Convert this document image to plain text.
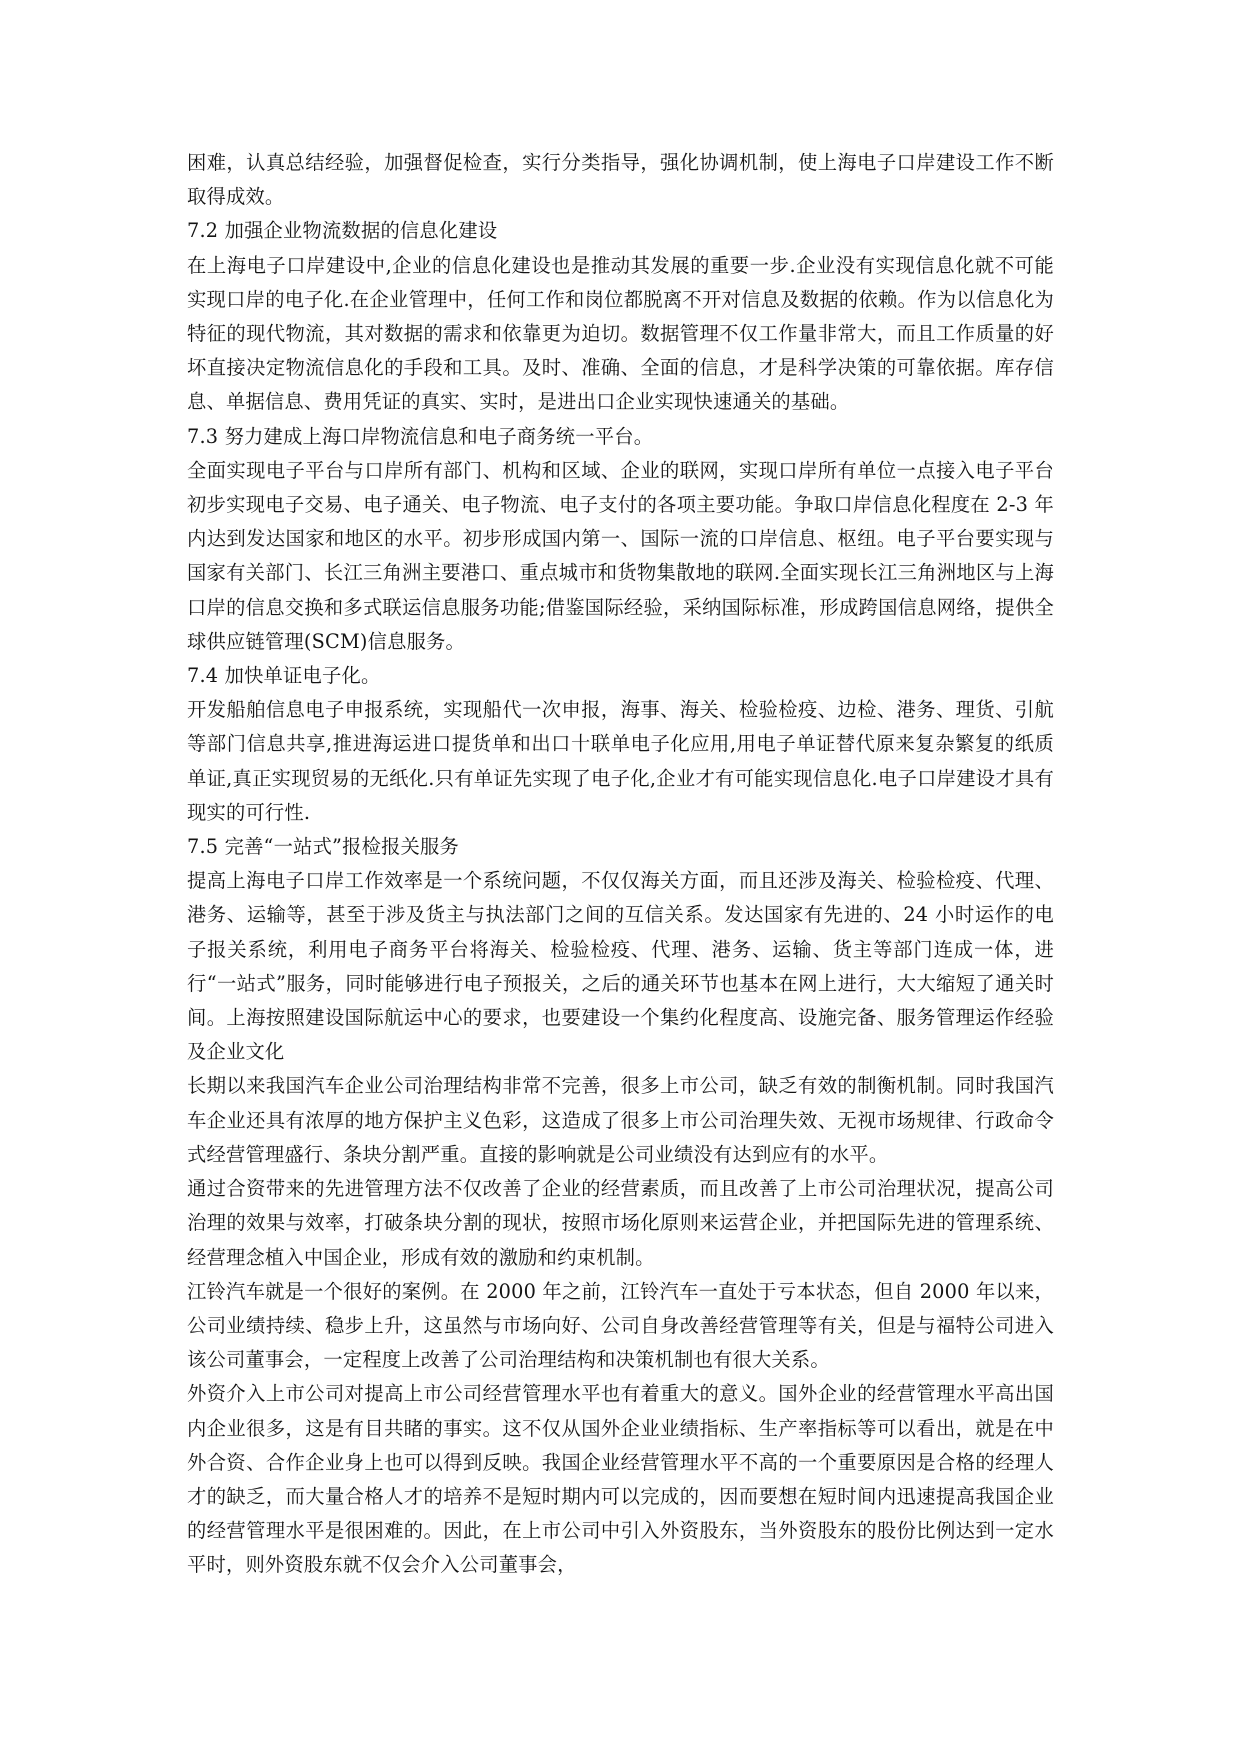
困难，认真总结经验，加强督促检查，实行分类指导，强化协调机制，使上海电子口岸建设工作不断取得成效。

7.2 加强企业物流数据的信息化建设

在上海电子口岸建设中,企业的信息化建设也是推动其发展的重要一步.企业没有实现信息化就不可能实现口岸的电子化.在企业管理中，任何工作和岗位都脱离不开对信息及数据的依赖。作为以信息化为特征的现代物流，其对数据的需求和依靠更为迫切。数据管理不仅工作量非常大，而且工作质量的好坏直接决定物流信息化的手段和工具。及时、准确、全面的信息，才是科学决策的可靠依据。库存信息、单据信息、费用凭证的真实、实时，是进出口企业实现快速通关的基础。

7.3 努力建成上海口岸物流信息和电子商务统一平台。

全面实现电子平台与口岸所有部门、机构和区域、企业的联网，实现口岸所有单位一点接入电子平台初步实现电子交易、电子通关、电子物流、电子支付的各项主要功能。争取口岸信息化程度在 2-3 年内达到发达国家和地区的水平。初步形成国内第一、国际一流的口岸信息、枢纽。电子平台要实现与国家有关部门、长江三角洲主要港口、重点城市和货物集散地的联网.全面实现长江三角洲地区与上海口岸的信息交换和多式联运信息服务功能;借鉴国际经验，采纳国际标准，形成跨国信息网络，提供全球供应链管理(SCM)信息服务。

7.4 加快单证电子化。

开发船舶信息电子申报系统，实现船代一次申报，海事、海关、检验检疫、边检、港务、理货、引航等部门信息共享,推进海运进口提货单和出口十联单电子化应用,用电子单证替代原来复杂繁复的纸质单证,真正实现贸易的无纸化.只有单证先实现了电子化,企业才有可能实现信息化.电子口岸建设才具有现实的可行性.

7.5 完善“一站式”报检报关服务

提高上海电子口岸工作效率是一个系统问题，不仅仅海关方面，而且还涉及海关、检验检疫、代理、港务、运输等，甚至于涉及货主与执法部门之间的互信关系。发达国家有先进的、24 小时运作的电子报关系统，利用电子商务平台将海关、检验检疫、代理、港务、运输、货主等部门连成一体，进行“一站式”服务，同时能够进行电子预报关，之后的通关环节也基本在网上进行，大大缩短了通关时间。上海按照建设国际航运中心的要求，也要建设一个集约化程度高、设施完备、服务管理运作经验及企业文化

长期以来我国汽车企业公司治理结构非常不完善，很多上市公司，缺乏有效的制衡机制。同时我国汽车企业还具有浓厚的地方保护主义色彩，这造成了很多上市公司治理失效、无视市场规律、行政命令式经营管理盛行、条块分割严重。直接的影响就是公司业绩没有达到应有的水平。

通过合资带来的先进管理方法不仅改善了企业的经营素质，而且改善了上市公司治理状况，提高公司治理的效果与效率，打破条块分割的现状，按照市场化原则来运营企业，并把国际先进的管理系统、经营理念植入中国企业，形成有效的激励和约束机制。

江铃汽车就是一个很好的案例。在 2000 年之前，江铃汽车一直处于亏本状态，但自 2000 年以来，公司业绩持续、稳步上升，这虽然与市场向好、公司自身改善经营管理等有关，但是与福特公司进入该公司董事会，一定程度上改善了公司治理结构和决策机制也有很大关系。

外资介入上市公司对提高上市公司经营管理水平也有着重大的意义。国外企业的经营管理水平高出国内企业很多，这是有目共睹的事实。这不仅从国外企业业绩指标、生产率指标等可以看出，就是在中外合资、合作企业身上也可以得到反映。我国企业经营管理水平不高的一个重要原因是合格的经理人才的缺乏，而大量合格人才的培养不是短时期内可以完成的，因而要想在短时间内迅速提高我国企业的经营管理水平是很困难的。因此，在上市公司中引入外资股东，当外资股东的股份比例达到一定水平时，则外资股东就不仅会介入公司董事会，
